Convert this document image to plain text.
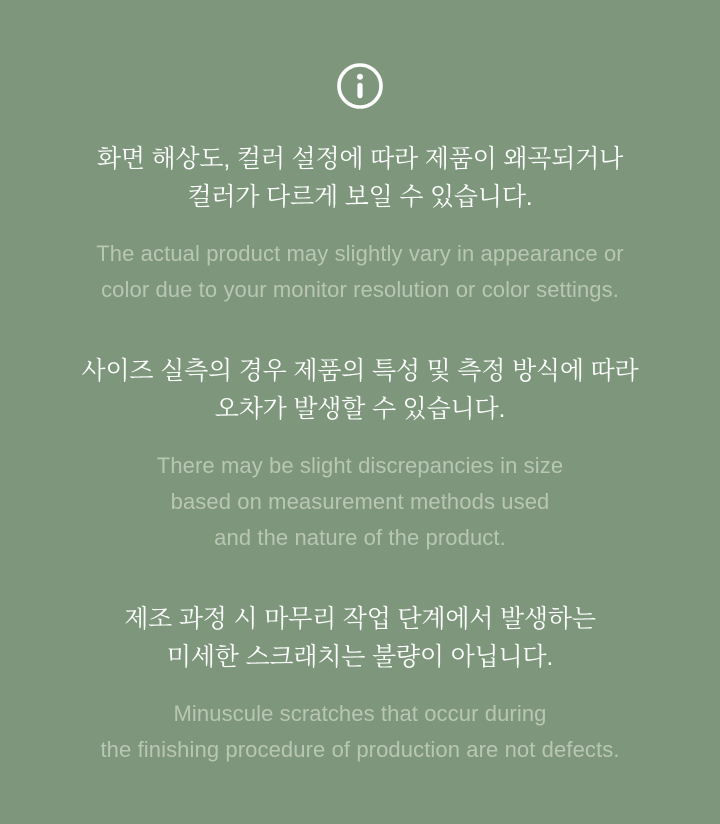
화면 해상도, 컬러 설정에 따라 제품이 왜곡되거나
컬러가 다르게 보일 수 있습니다.
The actual product may slightly vary in appearance or
color due to your monitor resolution or color settings.
사이즈 실측의 경우 제품의 특성 및 측정 방식에 따라
오차가 발생할 수 있습니다.
There may be slight discrepancies in size
based on measurement methods used
and the nature of the product.
제조 과정 시 마무리 작업 단계에서 발생하는
미세한 스크래치는 불량이 아닙니다.
Minuscule scratches that occur during
the finishing procedure of production are not defects.
